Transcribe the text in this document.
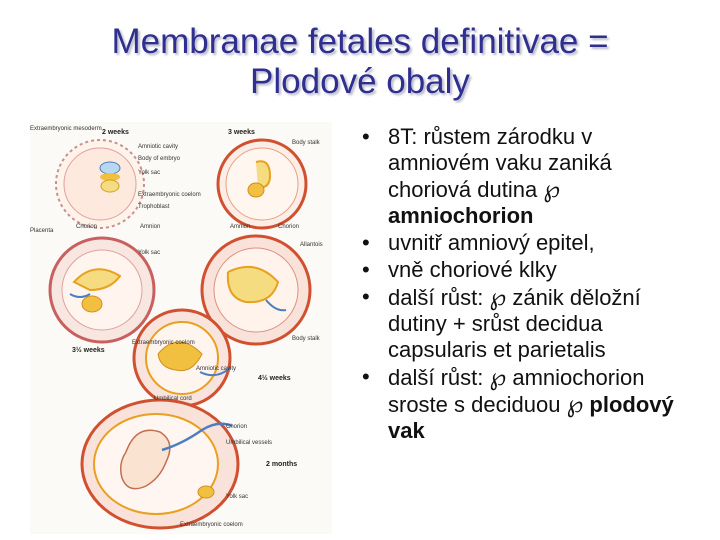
Membranae fetales definitivae =
Plodové obaly
2 weeks
Extraembryonic mesoderm
Amniotic cavity
Body of embryo
Yolk sac
Extraembryonic coelom
Trophoblast
3 weeks
Body stalk
Placenta
Chorion	Amnion
Yolk sac
Amnion	Chorion
Allantois
3½ weeks
4½ weeks
Extraembryonic coelom
Body stalk
Amniotic cavity
Umbilical cord
Chorion
Umbilical vessels
Yolk sac
2 months
Extraembryonic coelom
• 8T: růstem zárodku v amniovém vaku zaniká choriová dutina ℘ amniochorion
• uvnitř amniový epitel,
• vně choriové klky
• další růst: ℘ zánik děložní dutiny + srůst decidua capsularis et parietalis
• další růst: ℘ amniochorion sroste s deciduou ℘ plodový vak
